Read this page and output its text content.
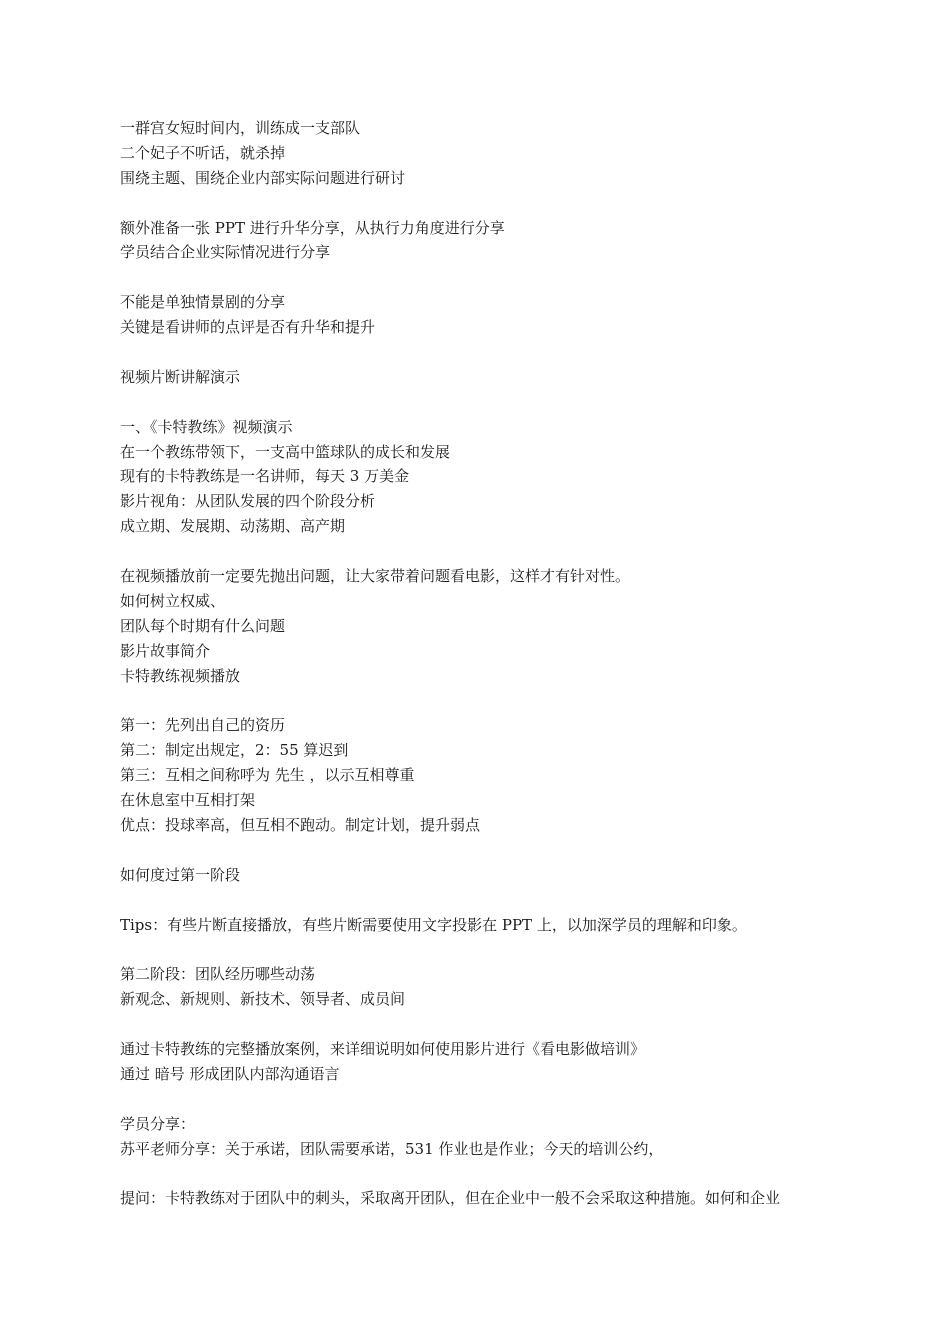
一群宫女短时间内，训练成一支部队
二个妃子不听话，就杀掉
围绕主题、围绕企业内部实际问题进行研讨
额外准备一张 PPT 进行升华分享，从执行力角度进行分享
学员结合企业实际情况进行分享
不能是单独情景剧的分享
关键是看讲师的点评是否有升华和提升
视频片断讲解演示
一、《卡特教练》视频演示
在一个教练带领下，一支高中篮球队的成长和发展
现有的卡特教练是一名讲师，每天 3 万美金
影片视角：从团队发展的四个阶段分析
成立期、发展期、动荡期、高产期
在视频播放前一定要先抛出问题，让大家带着问题看电影，这样才有针对性。
如何树立权威、
团队每个时期有什么问题
影片故事简介
卡特教练视频播放
第一：先列出自己的资历
第二：制定出规定，2：55 算迟到
第三：互相之间称呼为 先生 ，以示互相尊重
在休息室中互相打架
优点：投球率高，但互相不跑动。制定计划，提升弱点
如何度过第一阶段
Tips：有些片断直接播放，有些片断需要使用文字投影在 PPT 上，以加深学员的理解和印象。
第二阶段：团队经历哪些动荡
新观念、新规则、新技术、领导者、成员间
通过卡特教练的完整播放案例，来详细说明如何使用影片进行《看电影做培训》
通过 暗号 形成团队内部沟通语言
学员分享：
苏平老师分享：关于承诺，团队需要承诺，531 作业也是作业；今天的培训公约，
提问：卡特教练对于团队中的刺头，采取离开团队，但在企业中一般不会采取这种措施。如何和企业
